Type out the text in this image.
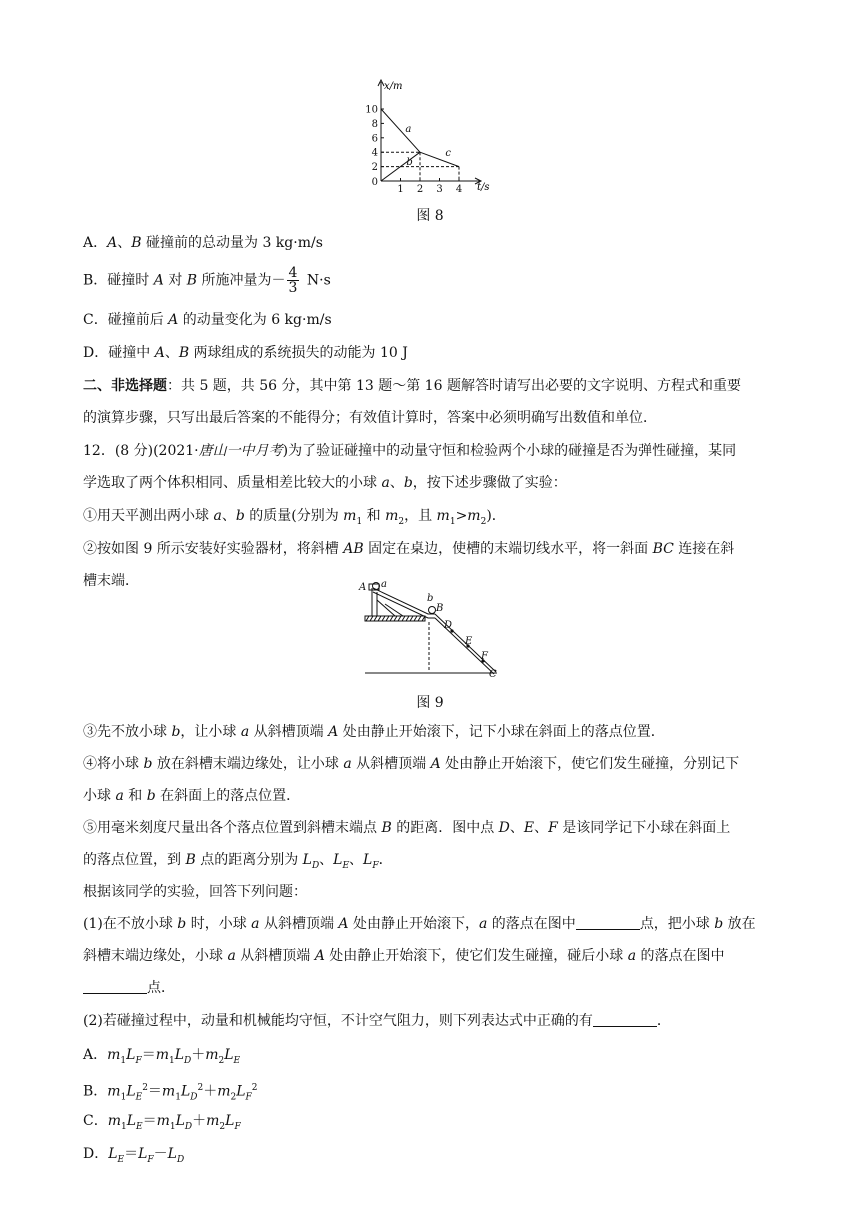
10
8
6
4
2
0
1 2 3 4
a
b
c
x/m
t/s
图 8
A．A、B 碰撞前的总动量为 3 kg·m/s
B．碰撞时 A 对 B 所施冲量为－ $\frac{4}{3} N\cdot s$
C．碰撞前后 A 的动量变化为 6 kg·m/s
D．碰撞中 A、B 两球组成的系统损失的动能为 10 J
二、非选择题：共 5 题，共 56 分，其中第 13 题～第 16 题解答时请写出必要的文字说明、方程式和重要
的演算步骤，只写出最后答案的不能得分；有效值计算时，答案中必须明确写出数值和单位．
12．(8 分)(2021·唐山一中月考)为了验证碰撞中的动量守恒和检验两个小球的碰撞是否为弹性碰撞，某同
学选取了两个体积相同、质量相差比较大的小球 a、b，按下述步骤做了实验：
①用天平测出两小球 a、b 的质量(分别为 $m_1$ 和 $m_2$，且 $m_1>m_2$)．
②按如图 9 所示安装好实验器材，将斜槽 AB 固定在桌边，使槽的末端切线水平，将一斜面 BC 连接在斜
槽末端．	A a
b
B
D
E
F
C
图 9
③先不放小球 b，让小球 a 从斜槽顶端 A 处由静止开始滚下，记下小球在斜面上的落点位置．
④将小球 b 放在斜槽末端边缘处，让小球 a 从斜槽顶端 A 处由静止开始滚下，使它们发生碰撞，分别记下
小球 a 和 b 在斜面上的落点位置．
⑤用毫米刻度尺量出各个落点位置到斜槽末端点 B 的距离．图中点 D、E、F 是该同学记下小球在斜面上
的落点位置，到 B 点的距离分别为 $L_D$、$L_E$、$L_F$．
根据该同学的实验，回答下列问题：
(1)在不放小球 b 时，小球 a 从斜槽顶端 A 处由静止开始滚下，a 的落点在图中	点，把小球 b 放在
斜槽末端边缘处，小球 a 从斜槽顶端 A 处由静止开始滚下，使它们发生碰撞，碰后小球 a 的落点在图中
点．
(2)若碰撞过程中，动量和机械能均守恒，不计空气阻力，则下列表达式中正确的有	．
A．$m_1L_F=m_1L_D+m_2L_E$
B．$m_1L_E^2=m_1L_D^2+m_2L_F^2$
C．$m_1L_E=m_1L_D+m_2L_F$
D．$L_E=L_F-L_D$
